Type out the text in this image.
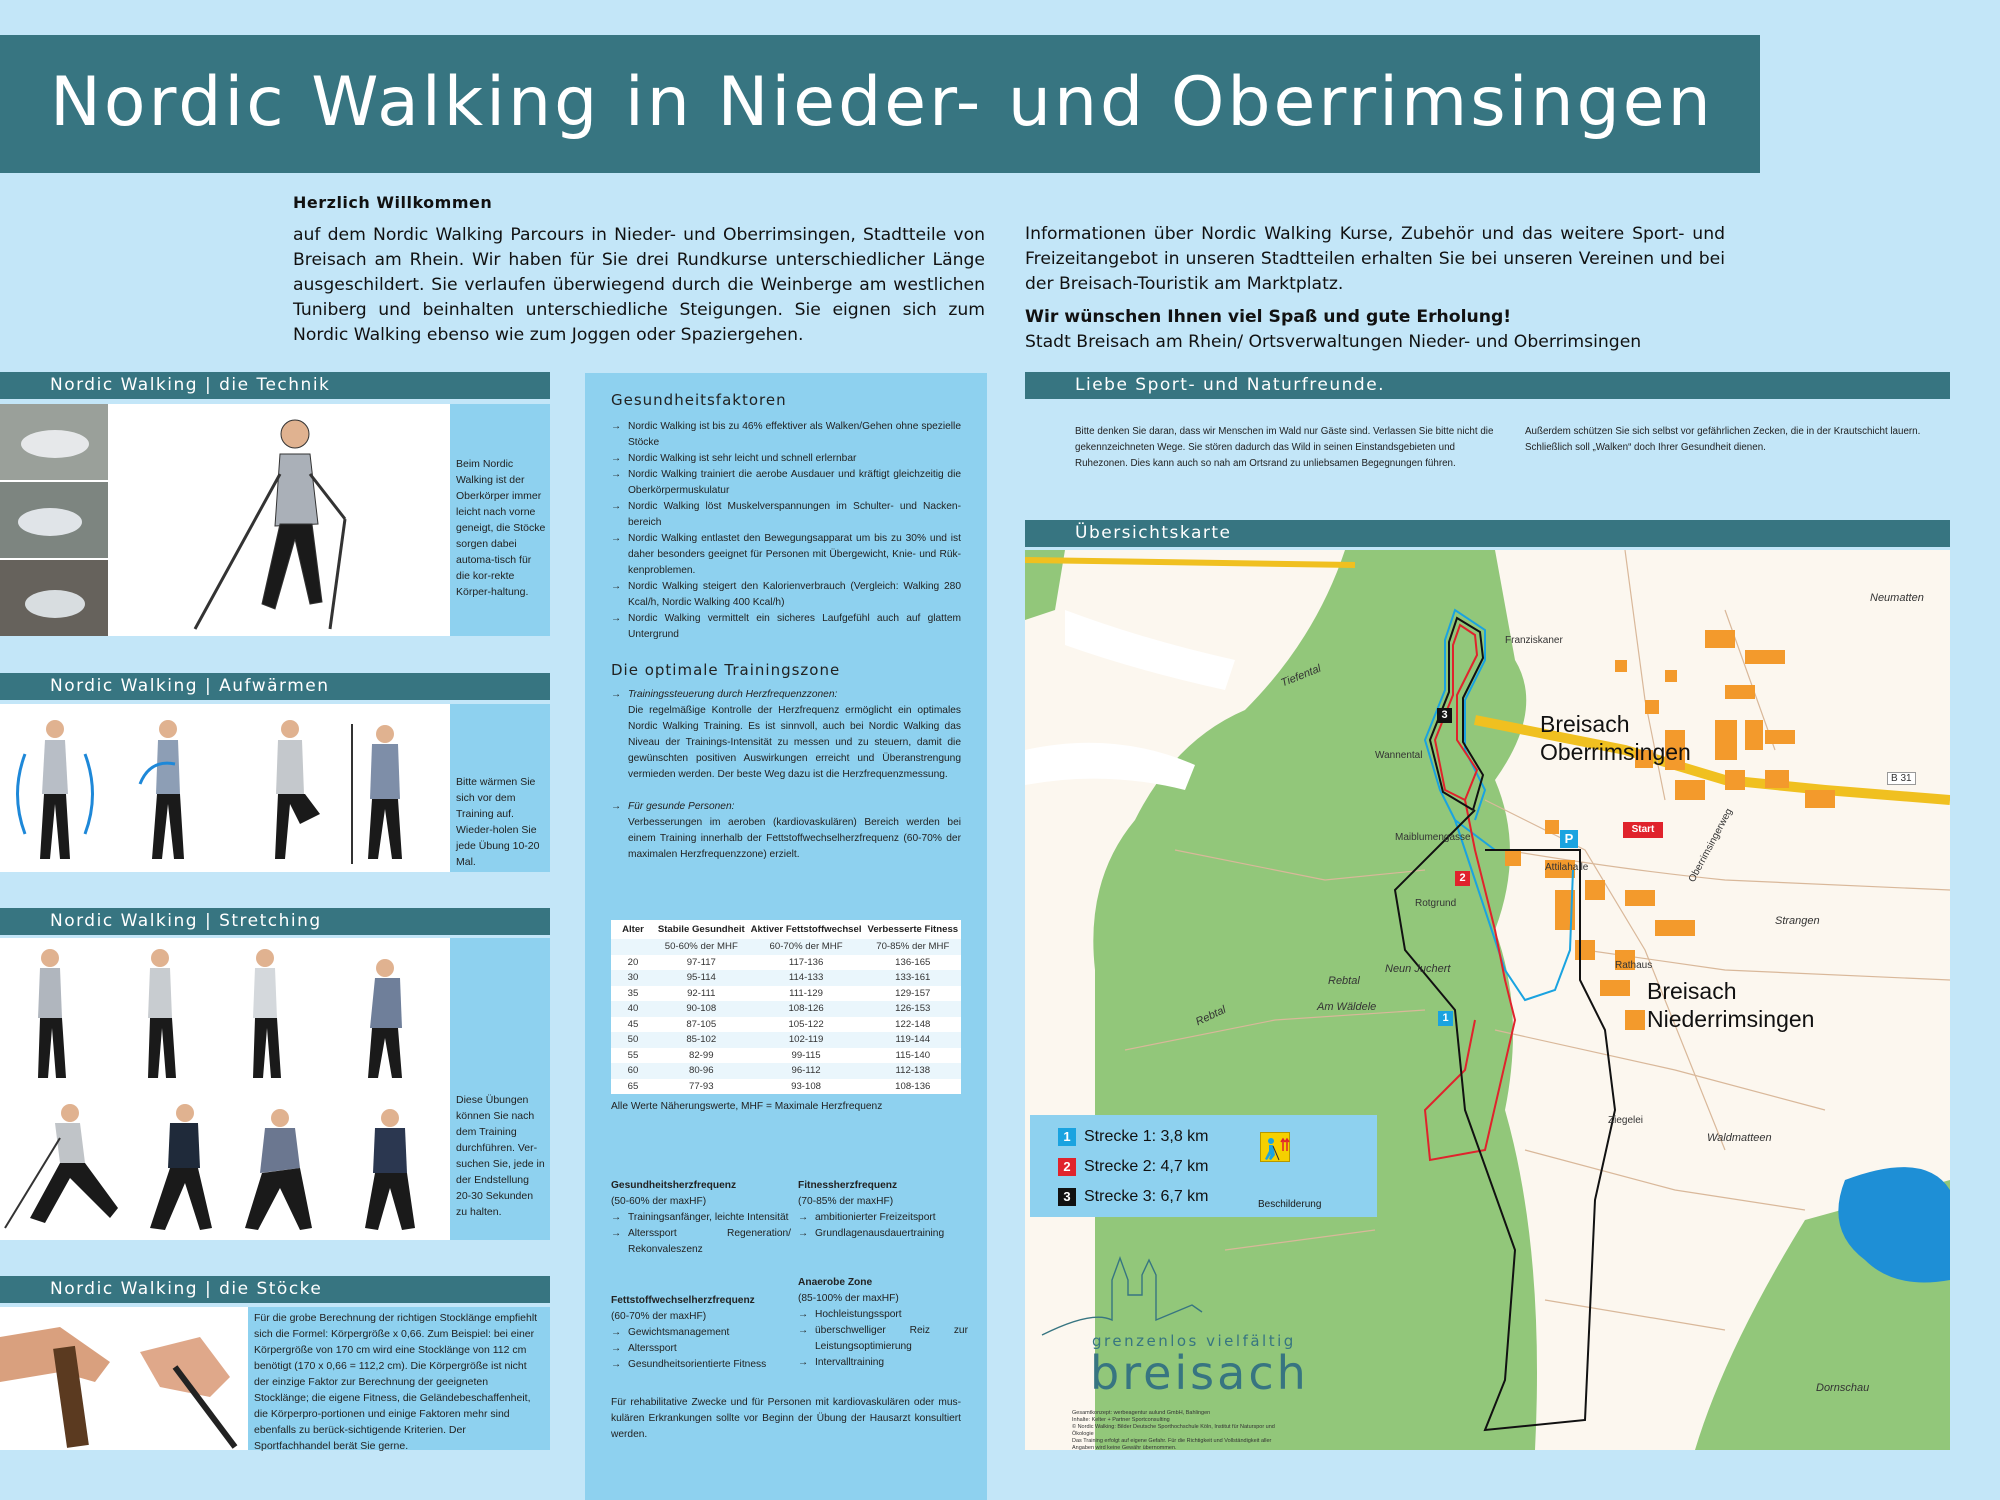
Nordic Walking in Nieder- und Oberrimsingen
Herzlich Willkommen
auf dem Nordic Walking Parcours in Nieder- und Oberrimsingen, Stadtteile von Breisach am Rhein. Wir haben für Sie drei Rundkurse unterschiedlicher Länge ausgeschildert. Sie verlaufen überwiegend durch die Weinberge am westlichen Tuniberg und beinhalten unterschiedliche Steigungen. Sie eignen sich zum Nordic Walking ebenso wie zum Joggen oder Spaziergehen.
Informationen über Nordic Walking Kurse, Zubehör und das weitere Sport- und Freizeitangebot in unseren Stadtteilen erhalten Sie bei unseren Vereinen und bei der Breisach-Touristik am Marktplatz.
Wir wünschen Ihnen viel Spaß und gute Erholung!
Stadt Breisach am Rhein/ Ortsverwaltungen Nieder- und Oberrimsingen
Nordic Walking | die Technik
Beim Nordic Walking ist der Oberkörper immer leicht nach vorne geneigt, die Stöcke sorgen dabei automa-tisch für die kor-rekte Körper-haltung.
Nordic Walking | Aufwärmen
Bitte wärmen Sie sich vor dem Training auf. Wieder-holen Sie jede Übung 10-20 Mal.
Nordic Walking | Stretching
Diese Übungen können Sie nach dem Training durchführen. Ver-suchen Sie, jede in der Endstellung 20-30 Sekunden zu halten.
Nordic Walking | die Stöcke
Für die grobe Berechnung der richtigen Stocklänge empfiehlt sich die Formel: Körpergröße x 0,66. Zum Beispiel: bei einer Körpergröße von 170 cm wird eine Stocklänge von 112 cm benötigt (170 x 0,66 = 112,2 cm). Die Körpergröße ist nicht der einzige Faktor zur Berechnung der geeigneten Stocklänge; die eigene Fitness, die Geländebeschaffenheit, die Körperpro-portionen und einige Faktoren mehr sind ebenfalls zu berück-sichtigende Kriterien. Der Sportfachhandel berät Sie gerne.
Gesundheitsfaktoren
→ Nordic Walking ist bis zu 46% effektiver als Walken/Gehen ohne spezielle Stöcke
→ Nordic Walking ist sehr leicht und schnell erlernbar
→ Nordic Walking trainiert die aerobe Ausdauer und kräftigt gleichzeitig die Oberkörpermuskulatur
→ Nordic Walking löst Muskelverspannungen im Schulter- und Nacken-bereich
→ Nordic Walking entlastet den Bewegungsapparat um bis zu 30% und ist daher besonders geeignet für Personen mit Übergewicht, Knie- und Rük-kenproblemen.
→ Nordic Walking steigert den Kalorienverbrauch (Vergleich: Walking 280 Kcal/h, Nordic Walking 400 Kcal/h)
→ Nordic Walking vermittelt ein sicheres Laufgefühl auch auf glattem Untergrund
Die optimale Trainingszone
→ Trainingssteuerung durch Herzfrequenzzonen:
Die regelmäßige Kontrolle der Herzfrequenz ermöglicht ein optimales Nordic Walking Training. Es ist sinnvoll, auch bei Nordic Walking das Niveau der Trainings-Intensität zu messen und zu steuern, damit die gewünschten positiven Auswirkungen erreicht und Überanstrengung vermieden werden. Der beste Weg dazu ist die Herzfrequenzmessung.
→ Für gesunde Personen:
Verbesserungen im aeroben (kardiovaskulären) Bereich werden bei einem Training innerhalb der Fettstoffwechselherzfrequenz (60-70% der maximalen Herzfrequenzzone) erzielt.
Alter	Stabile Gesundheit	Aktiver Fettstoffwechsel	Verbesserte Fitness
	50-60% der MHF	60-70% der MHF	70-85% der MHF
20	97-117	117-136	136-165
30	95-114	114-133	133-161
35	92-111	111-129	129-157
40	90-108	108-126	126-153
45	87-105	105-122	122-148
50	85-102	102-119	119-144
55	82-99	99-115	115-140
60	80-96	96-112	112-138
65	77-93	93-108	108-136
Alle Werte Näherungswerte, MHF = Maximale Herzfrequenz
Gesundheitsherzfrequenz
(50-60% der maxHF)
→ Trainingsanfänger, leichte Intensität
→ Alterssport Regeneration/ Rekonvaleszenz
Fitnessherzfrequenz
(70-85% der maxHF)
→ ambitionierter Freizeitsport
→ Grundlagenausdauertraining
Fettstoffwechselherzfrequenz
(60-70% der maxHF)
→ Gewichtsmanagement
→ Alterssport
→ Gesundheitsorientierte Fitness
Anaerobe Zone
(85-100% der maxHF)
→ Hochleistungssport
→ überschwelliger Reiz zur Leistungsoptimierung
→ Intervalltraining
Für rehabilitative Zwecke und für Personen mit kardiovaskulären oder mus-kulären Erkrankungen sollte vor Beginn der Übung der Hausarzt konsultiert werden.
Liebe Sport- und Naturfreunde.
Bitte denken Sie daran, dass wir Menschen im Wald nur Gäste sind. Verlassen Sie bitte nicht die gekennzeichneten Wege. Sie stören dadurch das Wild in seinen Einstandsgebieten und Ruhezonen. Dies kann auch so nah am Ortsrand zu unliebsamen Begegnungen führen.
Außerdem schützen Sie sich selbst vor gefährlichen Zecken, die in der Krautschicht lauern. Schließlich soll „Walken“ doch Ihrer Gesundheit dienen.
Übersichtskarte
Neumatten
Franziskaner
Tiefental
Wannental
Maiblumengasse
Attilahalle
Rotgrund
Neun Juchert
Rebtal
Rebtal	Am Wäldele
Rathaus
Strangen
Oberrimsingerweg
Ziegelei
Waldmatteen
Dornschau
B 31
Breisach
Oberrimsingen
Breisach
Niederrimsingen
P
Start
1
2
3
1 Strecke 1: 3,8 km
2 Strecke 2: 4,7 km
3 Strecke 3: 6,7 km	Beschilderung
grenzenlos vielfältig
breisach
Gesamtkonzept: werbeagentur aulund GmbH, Bahlingen
Inhalte: Kelter + Partner Sportconsulting
© Nordic Walking: Bilder Deutsche Sporthochschule Köln, Institut für Naturspor und Ökologie
Das Training erfolgt auf eigene Gefahr. Für die Richtigkeit und Vollständigkeit aller Angaben wird keine Gewähr übernommen.
